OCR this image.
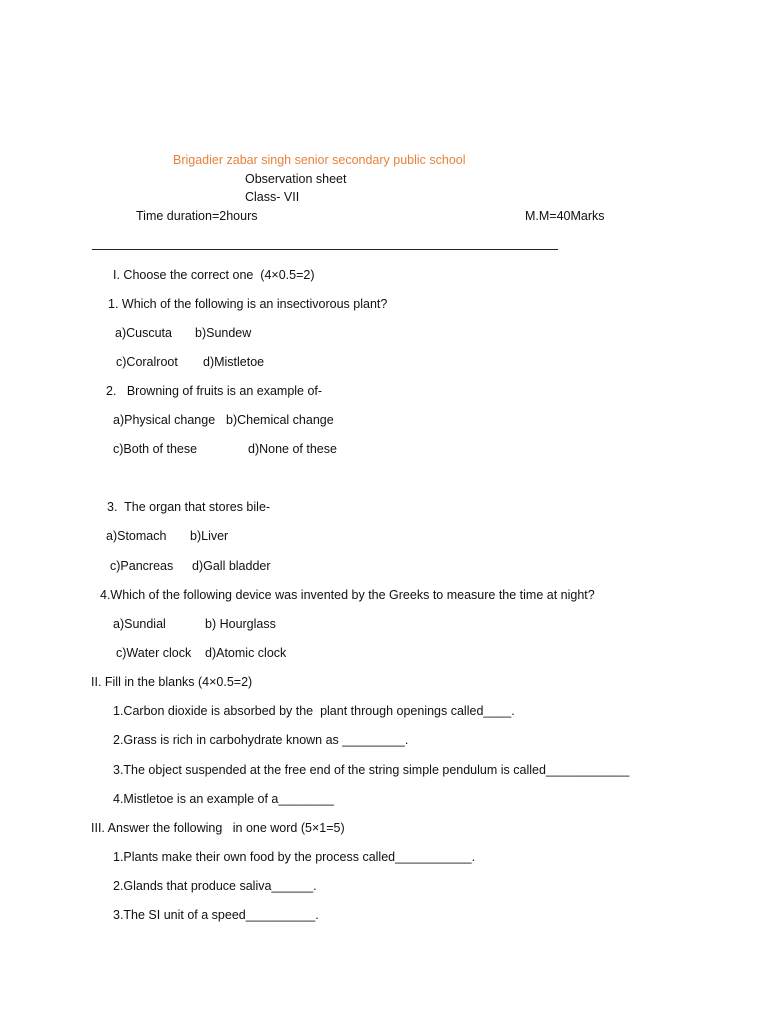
Brigadier zabar singh senior secondary public school
Observation sheet
Class- VII
Time duration=2hours	M.M=40Marks
I. Choose the correct one  (4×0.5=2)
1. Which of the following is an insectivorous plant?
a)Cuscuta b)Sundew
c)Coralroot d)Mistletoe
2.   Browning of fruits is an example of-
a)Physical change b)Chemical change
c)Both of these	d)None of these
3.  The organ that stores bile-
a)Stomach b)Liver
c)Pancreas d)Gall bladder
4.Which of the following device was invented by the Greeks to measure the time at night?
a)Sundial	b) Hourglass
c)Water clock d)Atomic clock
II. Fill in the blanks (4×0.5=2)
1.Carbon dioxide is absorbed by the  plant through openings called____.
2.Grass is rich in carbohydrate known as _________.
3.The object suspended at the free end of the string simple pendulum is called____________
4.Mistletoe is an example of a________
III. Answer the following   in one word (5×1=5)
1.Plants make their own food by the process called___________.
2.Glands that produce saliva______.
3.The SI unit of a speed__________.
